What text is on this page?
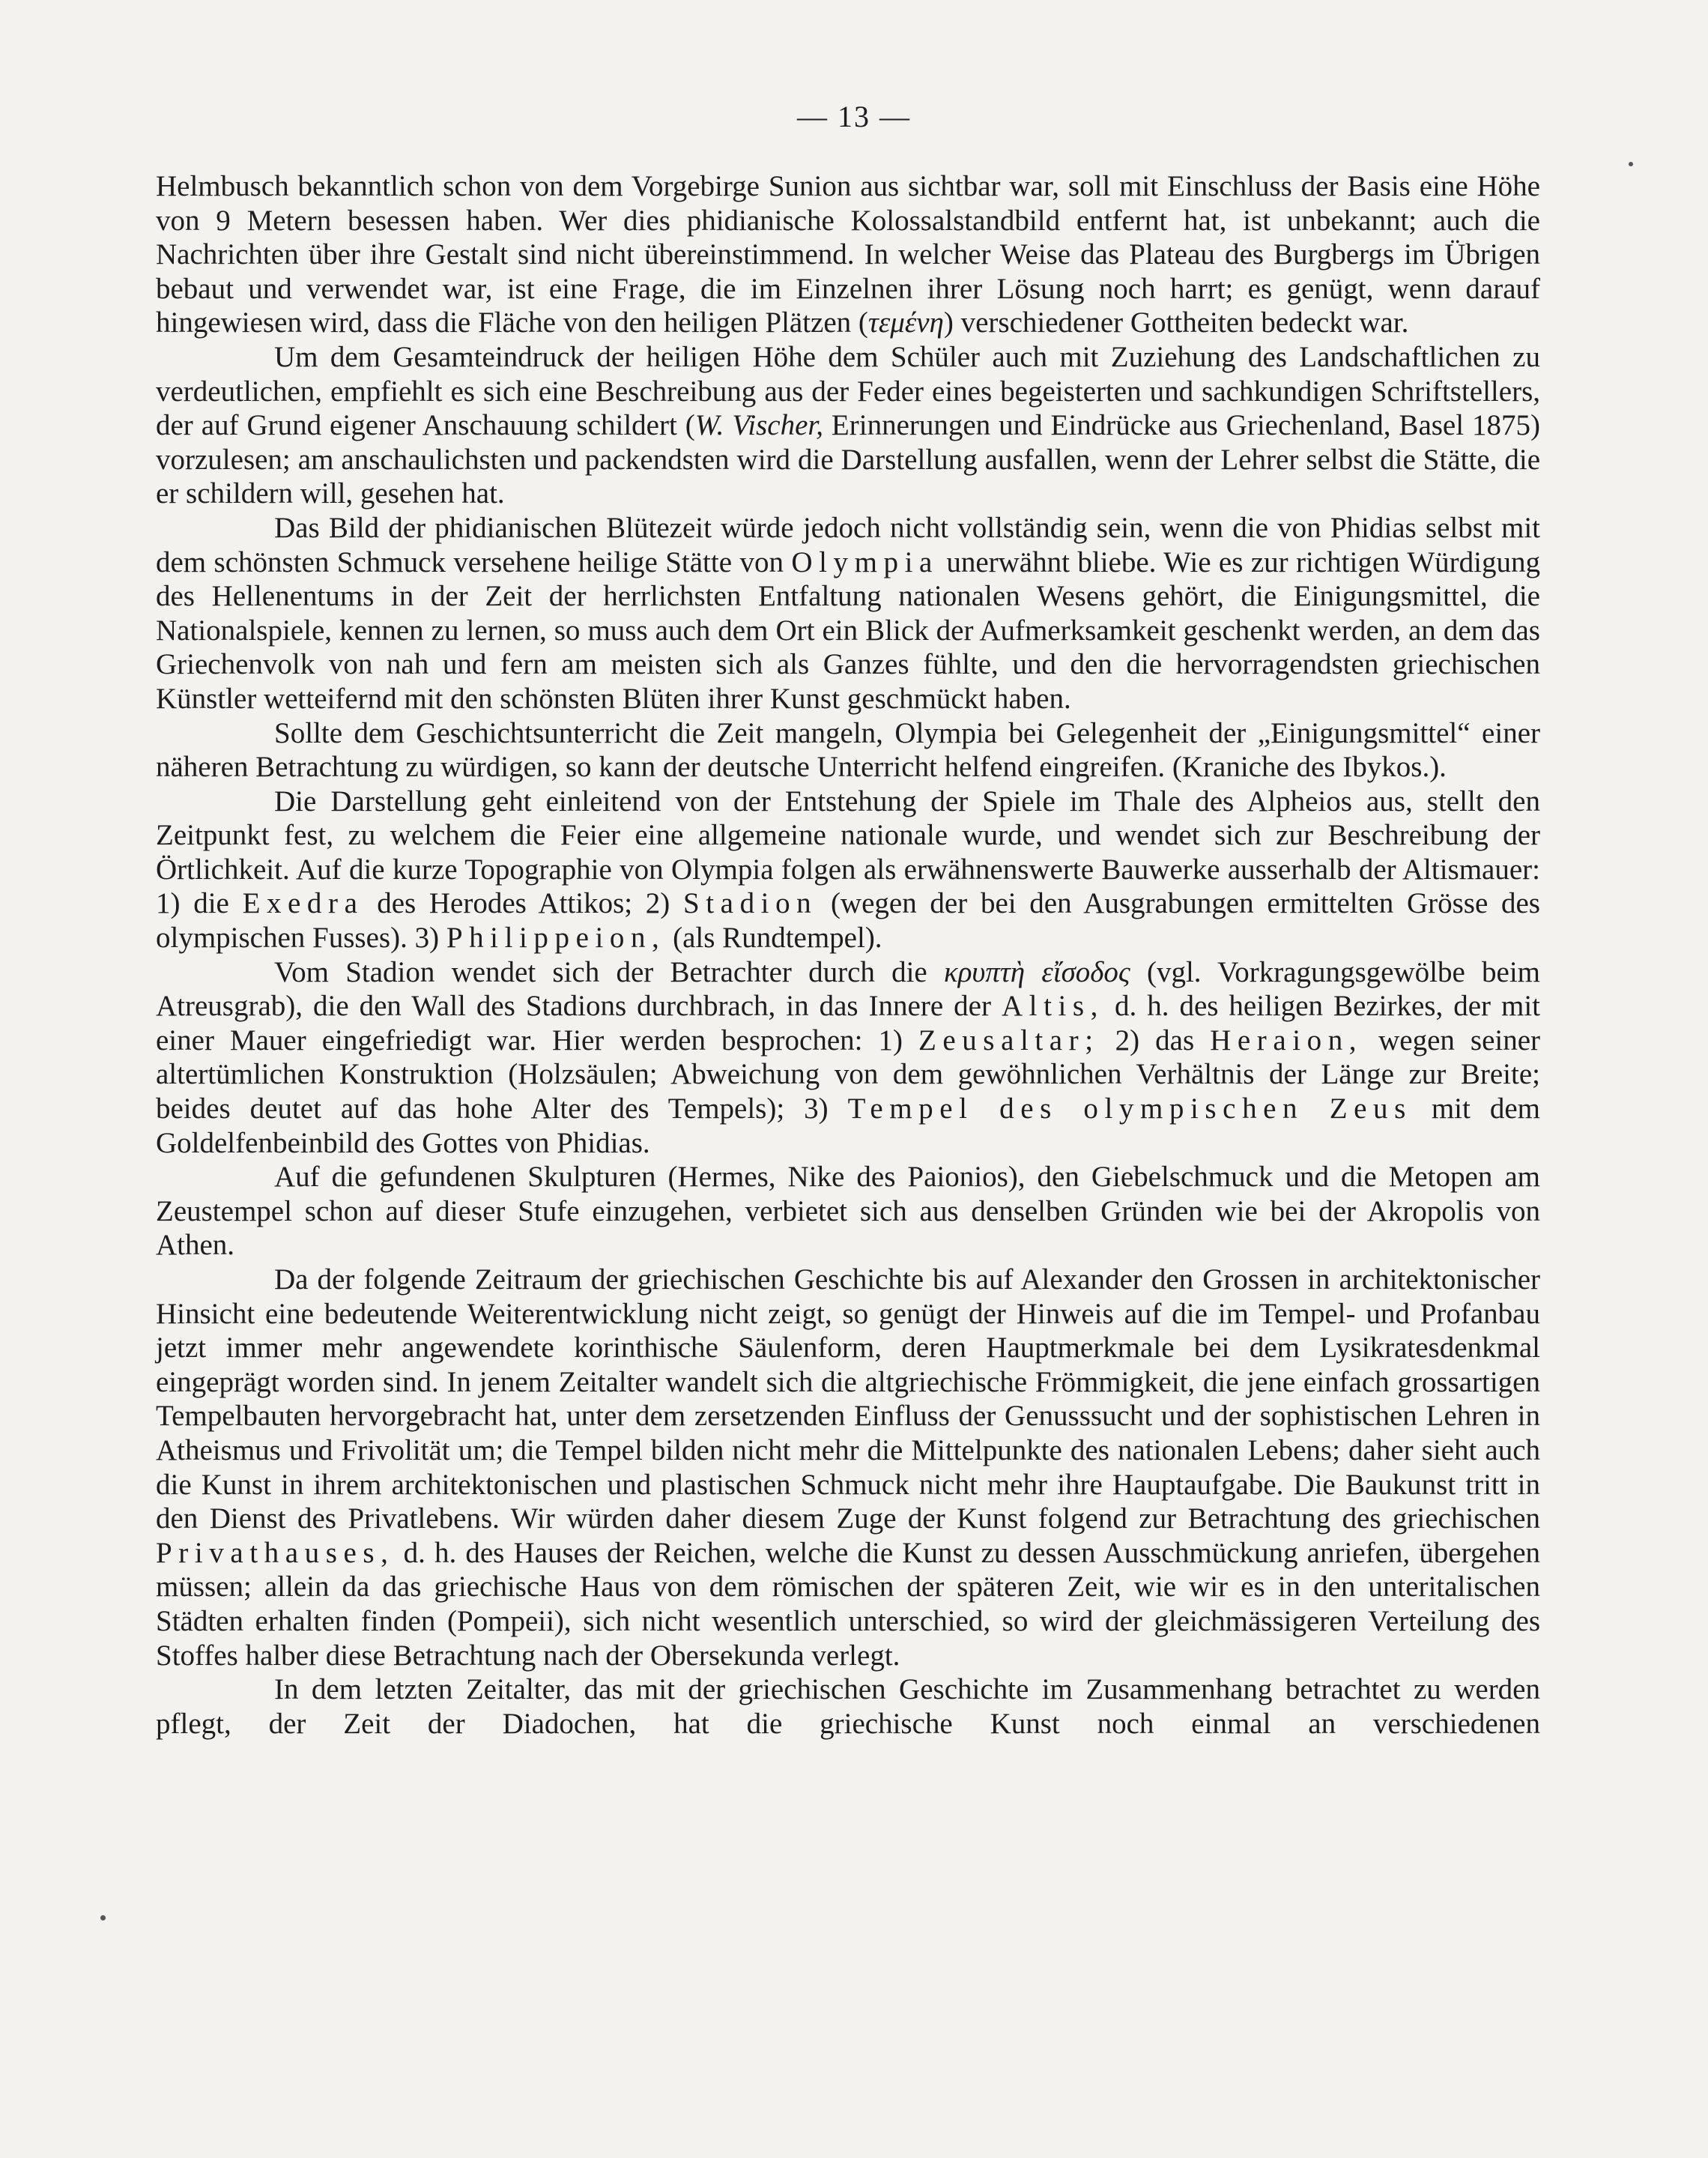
— 13 —

Helmbusch bekanntlich schon von dem Vorgebirge Sunion aus sichtbar war, soll mit Einschluss der Basis eine Höhe von 9 Metern besessen haben. Wer dies phidianische Kolossalstandbild entfernt hat, ist unbekannt; auch die Nachrichten über ihre Gestalt sind nicht übereinstimmend. In welcher Weise das Plateau des Burgbergs im Übrigen bebaut und verwendet war, ist eine Frage, die im Einzelnen ihrer Lösung noch harrt; es genügt, wenn darauf hingewiesen wird, dass die Fläche von den heiligen Plätzen (τεμένη) verschiedener Gottheiten bedeckt war.

Um dem Gesamteindruck der heiligen Höhe dem Schüler auch mit Zuziehung des Landschaftlichen zu verdeutlichen, empfiehlt es sich eine Beschreibung aus der Feder eines begeisterten und sachkundigen Schriftstellers, der auf Grund eigener Anschauung schildert (W. Vischer, Erinnerungen und Eindrücke aus Griechenland, Basel 1875) vorzulesen; am anschaulichsten und packendsten wird die Darstellung ausfallen, wenn der Lehrer selbst die Stätte, die er schildern will, gesehen hat.

Das Bild der phidianischen Blütezeit würde jedoch nicht vollständig sein, wenn die von Phidias selbst mit dem schönsten Schmuck versehene heilige Stätte von Olympia unerwähnt bliebe. Wie es zur richtigen Würdigung des Hellenentums in der Zeit der herrlichsten Entfaltung nationalen Wesens gehört, die Einigungsmittel, die Nationalspiele, kennen zu lernen, so muss auch dem Ort ein Blick der Aufmerksamkeit geschenkt werden, an dem das Griechenvolk von nah und fern am meisten sich als Ganzes fühlte, und den die hervorragendsten griechischen Künstler wetteifernd mit den schönsten Blüten ihrer Kunst geschmückt haben.

Sollte dem Geschichtsunterricht die Zeit mangeln, Olympia bei Gelegenheit der „Einigungsmittel“ einer näheren Betrachtung zu würdigen, so kann der deutsche Unterricht helfend eingreifen. (Kraniche des Ibykos.).

Die Darstellung geht einleitend von der Entstehung der Spiele im Thale des Alpheios aus, stellt den Zeitpunkt fest, zu welchem die Feier eine allgemeine nationale wurde, und wendet sich zur Beschreibung der Örtlichkeit. Auf die kurze Topographie von Olympia folgen als erwähnenswerte Bauwerke ausserhalb der Altismauer: 1) die Exedra des Herodes Attikos; 2) Stadion (wegen der bei den Ausgrabungen ermittelten Grösse des olympischen Fusses). 3) Philippeion, (als Rundtempel).

Vom Stadion wendet sich der Betrachter durch die κρυπτὴ εἴσοδος (vgl. Vorkragungsgewölbe beim Atreusgrab), die den Wall des Stadions durchbrach, in das Innere der Altis, d. h. des heiligen Bezirkes, der mit einer Mauer eingefriedigt war. Hier werden besprochen: 1) Zeusaltar; 2) das Heraion, wegen seiner altertümlichen Konstruktion (Holzsäulen; Abweichung von dem gewöhnlichen Verhältnis der Länge zur Breite; beides deutet auf das hohe Alter des Tempels); 3) Tempel des olympischen Zeus mit dem Goldelfenbeinbild des Gottes von Phidias.

Auf die gefundenen Skulpturen (Hermes, Nike des Paionios), den Giebelschmuck und die Metopen am Zeustempel schon auf dieser Stufe einzugehen, verbietet sich aus denselben Gründen wie bei der Akropolis von Athen.

Da der folgende Zeitraum der griechischen Geschichte bis auf Alexander den Grossen in architektonischer Hinsicht eine bedeutende Weiterentwicklung nicht zeigt, so genügt der Hinweis auf die im Tempel- und Profanbau jetzt immer mehr angewendete korinthische Säulenform, deren Hauptmerkmale bei dem Lysikratesdenkmal eingeprägt worden sind. In jenem Zeitalter wandelt sich die altgriechische Frömmigkeit, die jene einfach grossartigen Tempelbauten hervorgebracht hat, unter dem zersetzenden Einfluss der Genusssucht und der sophistischen Lehren in Atheismus und Frivolität um; die Tempel bilden nicht mehr die Mittelpunkte des nationalen Lebens; daher sieht auch die Kunst in ihrem architektonischen und plastischen Schmuck nicht mehr ihre Hauptaufgabe. Die Baukunst tritt in den Dienst des Privatlebens. Wir würden daher diesem Zuge der Kunst folgend zur Betrachtung des griechischen Privathauses, d. h. des Hauses der Reichen, welche die Kunst zu dessen Ausschmückung anriefen, übergehen müssen; allein da das griechische Haus von dem römischen der späteren Zeit, wie wir es in den unteritalischen Städten erhalten finden (Pompeii), sich nicht wesentlich unterschied, so wird der gleichmässigeren Verteilung des Stoffes halber diese Betrachtung nach der Obersekunda verlegt.

In dem letzten Zeitalter, das mit der griechischen Geschichte im Zusammenhang betrachtet zu werden pflegt, der Zeit der Diadochen, hat die griechische Kunst noch einmal an verschiedenen
